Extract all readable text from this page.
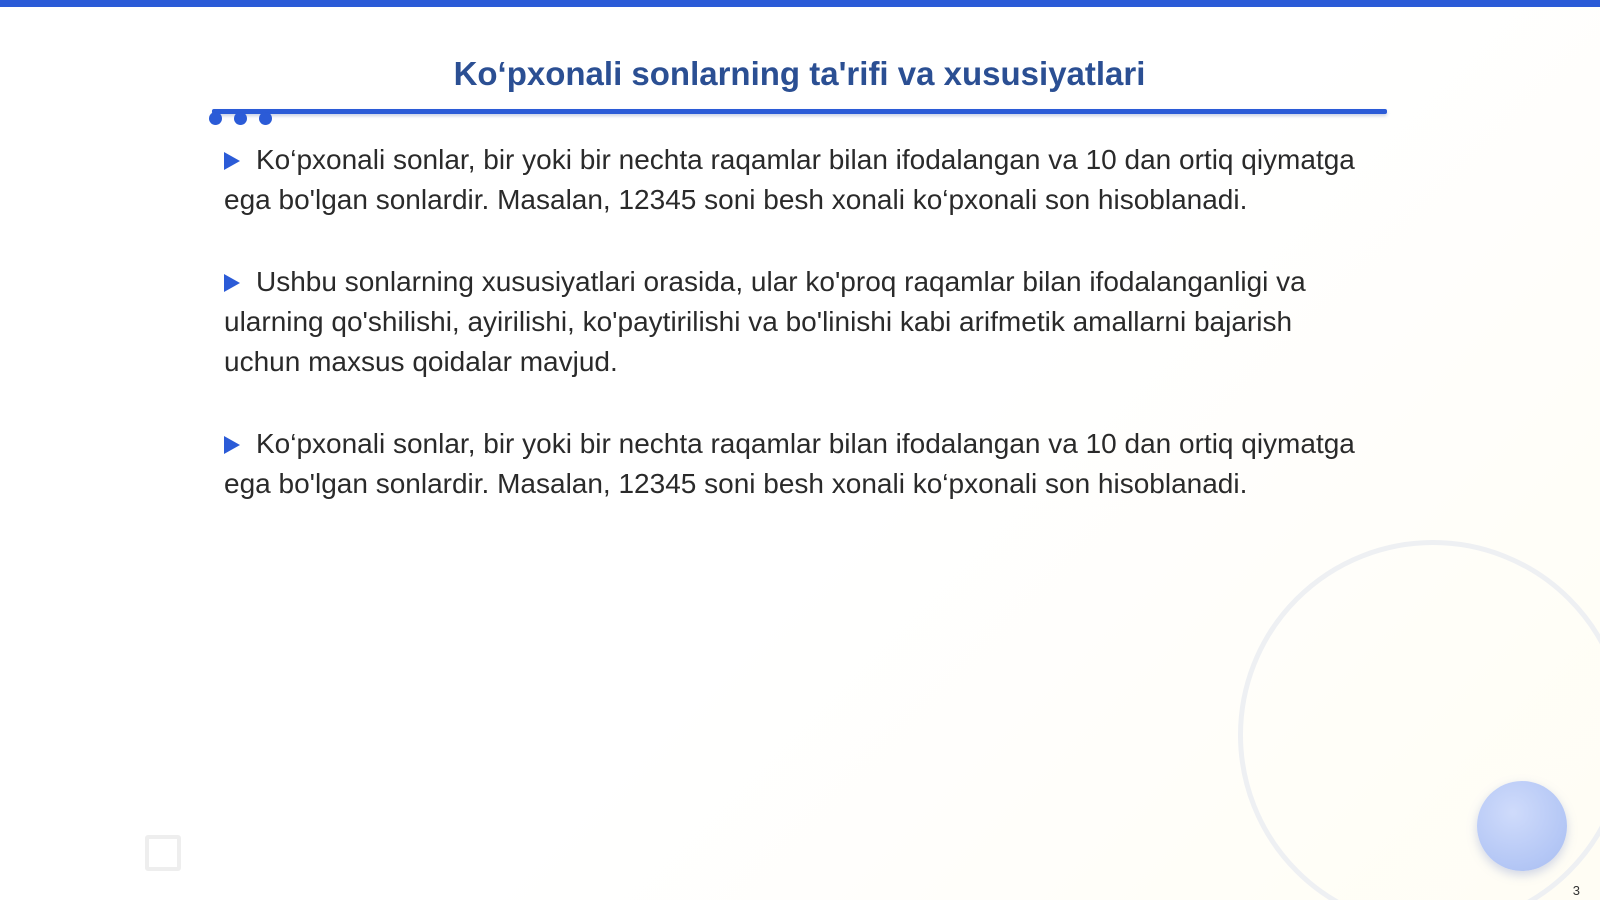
Ko‘pxonali sonlarning ta'rifi va xususiyatlari

Ko‘pxonali sonlar, bir yoki bir nechta raqamlar bilan ifodalangan va 10 dan ortiq qiymatga ega bo'lgan sonlardir. Masalan, 12345 soni besh xonali ko‘pxonali son hisoblanadi.

Ushbu sonlarning xususiyatlari orasida, ular ko'proq raqamlar bilan ifodalanganligi va ularning qo'shilishi, ayirilishi, ko'paytirilishi va bo'linishi kabi arifmetik amallarni bajarish uchun maxsus qoidalar mavjud.

Ko‘pxonali sonlar, bir yoki bir nechta raqamlar bilan ifodalangan va 10 dan ortiq qiymatga ega bo'lgan sonlardir. Masalan, 12345 soni besh xonali ko‘pxonali son hisoblanadi.

3
